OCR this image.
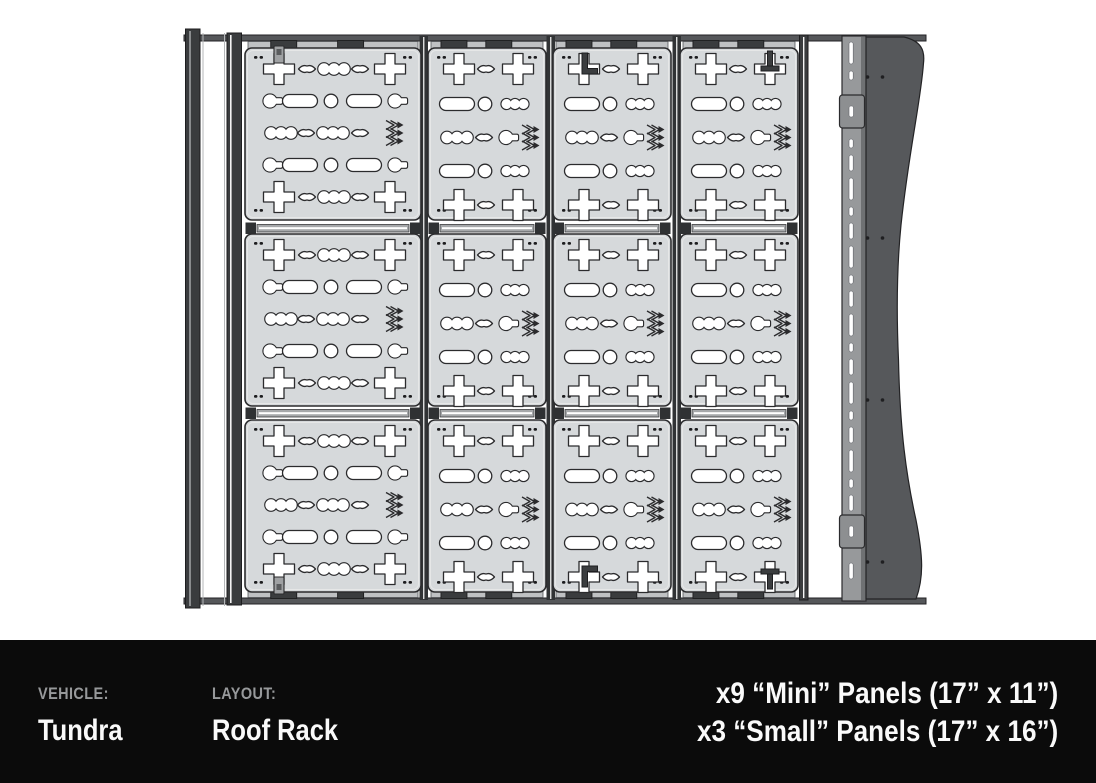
VEHICLE:
Tundra
LAYOUT:
Roof Rack
x9 “Mini” Panels (17” x 11”)
x3 “Small” Panels (17” x 16”)
